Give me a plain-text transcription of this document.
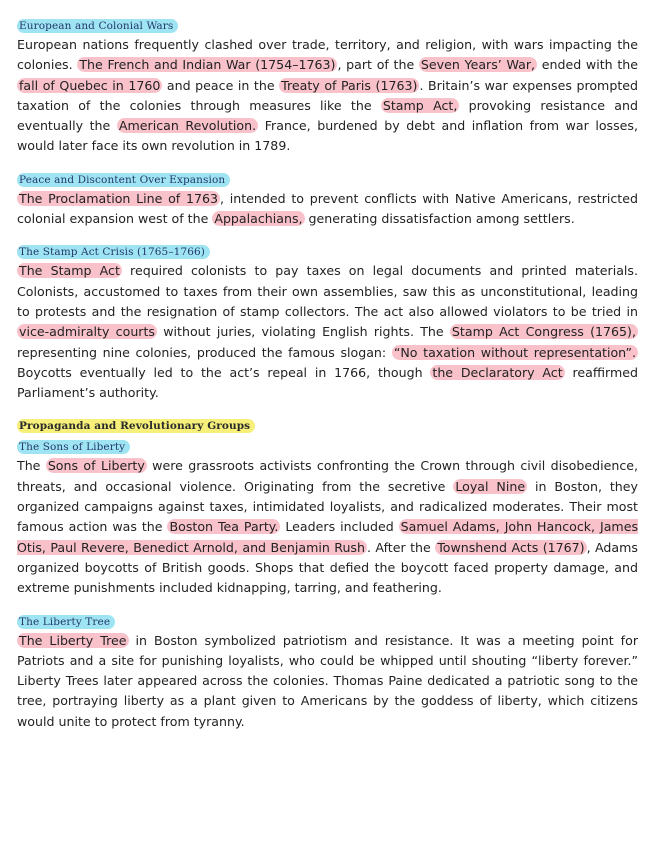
European and Colonial Wars

European nations frequently clashed over trade, territory, and religion, with wars impacting the colonies. The French and Indian War (1754–1763) , part of the Seven Years’ War, ended with the fall of Quebec in 1760 and peace in the Treaty of Paris (1763) . Britain’s war expenses prompted taxation of the colonies through measures like the Stamp Act, provoking resistance and eventually the American Revolution. France, burdened by debt and inflation from war losses, would later face its own revolution in 1789.

Peace and Discontent Over Expansion

The Proclamation Line of 1763 , intended to prevent conflicts with Native Americans, restricted colonial expansion west of the Appalachians, generating dissatisfaction among settlers.

The Stamp Act Crisis (1765–1766)

The Stamp Act required colonists to pay taxes on legal documents and printed materials. Colonists, accustomed to taxes from their own assemblies, saw this as unconstitutional, leading to protests and the resignation of stamp collectors. The act also allowed violators to be tried in vice-admiralty courts without juries, violating English rights. The Stamp Act Congress (1765), representing nine colonies, produced the famous slogan: “No taxation without representation”. Boycotts eventually led to the act’s repeal in 1766, though the Declaratory Act reaffirmed Parliament’s authority.

Propaganda and Revolutionary Groups
The Sons of Liberty

The Sons of Liberty were grassroots activists confronting the Crown through civil disobedience, threats, and occasional violence. Originating from the secretive Loyal Nine in Boston, they organized campaigns against taxes, intimidated loyalists, and radicalized moderates. Their most famous action was the Boston Tea Party. Leaders included Samuel Adams, John Hancock, James Otis, Paul Revere, Benedict Arnold, and Benjamin Rush . After the Townshend Acts (1767) , Adams organized boycotts of British goods. Shops that defied the boycott faced property damage, and extreme punishments included kidnapping, tarring, and feathering.

The Liberty Tree

The Liberty Tree in Boston symbolized patriotism and resistance. It was a meeting point for Patriots and a site for punishing loyalists, who could be whipped until shouting “liberty forever.” Liberty Trees later appeared across the colonies. Thomas Paine dedicated a patriotic song to the tree, portraying liberty as a plant given to Americans by the goddess of liberty, which citizens would unite to protect from tyranny.
